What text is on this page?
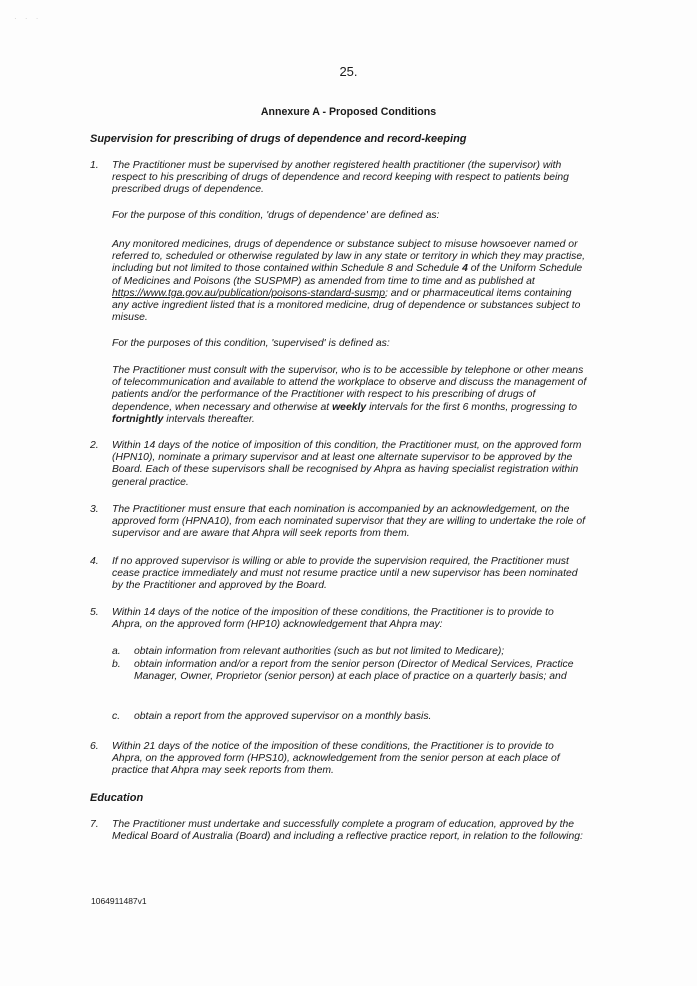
· · ·
25.
Annexure A - Proposed Conditions
Supervision for prescribing of drugs of dependence and record-keeping
1. The Practitioner must be supervised by another registered health practitioner (the supervisor) with respect to his prescribing of drugs of dependence and record keeping with respect to patients being prescribed drugs of dependence.
For the purpose of this condition, 'drugs of dependence' are defined as:
Any monitored medicines, drugs of dependence or substance subject to misuse howsoever named or referred to, scheduled or otherwise regulated by law in any state or territory in which they may practise, including but not limited to those contained within Schedule 8 and Schedule 4 of the Uniform Schedule of Medicines and Poisons (the SUSPMP) as amended from time to time and as published at https://www.tga.gov.au/publication/poisons-standard-susmp; and or pharmaceutical items containing any active ingredient listed that is a monitored medicine, drug of dependence or substances subject to misuse.
For the purposes of this condition, 'supervised' is defined as:
The Practitioner must consult with the supervisor, who is to be accessible by telephone or other means of telecommunication and available to attend the workplace to observe and discuss the management of patients and/or the performance of the Practitioner with respect to his prescribing of drugs of dependence, when necessary and otherwise at weekly intervals for the first 6 months, progressing to fortnightly intervals thereafter.
2. Within 14 days of the notice of imposition of this condition, the Practitioner must, on the approved form (HPN10), nominate a primary supervisor and at least one alternate supervisor to be approved by the Board. Each of these supervisors shall be recognised by Ahpra as having specialist registration within general practice.
3. The Practitioner must ensure that each nomination is accompanied by an acknowledgement, on the approved form (HPNA10), from each nominated supervisor that they are willing to undertake the role of supervisor and are aware that Ahpra will seek reports from them.
4. If no approved supervisor is willing or able to provide the supervision required, the Practitioner must cease practice immediately and must not resume practice until a new supervisor has been nominated by the Practitioner and approved by the Board.
5. Within 14 days of the notice of the imposition of these conditions, the Practitioner is to provide to Ahpra, on the approved form (HP10) acknowledgement that Ahpra may:
a. obtain information from relevant authorities (such as but not limited to Medicare);
b. obtain information and/or a report from the senior person (Director of Medical Services, Practice Manager, Owner, Proprietor (senior person) at each place of practice on a quarterly basis; and
c. obtain a report from the approved supervisor on a monthly basis.
6. Within 21 days of the notice of the imposition of these conditions, the Practitioner is to provide to Ahpra, on the approved form (HPS10), acknowledgement from the senior person at each place of practice that Ahpra may seek reports from them.
Education
7. The Practitioner must undertake and successfully complete a program of education, approved by the Medical Board of Australia (Board) and including a reflective practice report, in relation to the following:
1064911487v1
